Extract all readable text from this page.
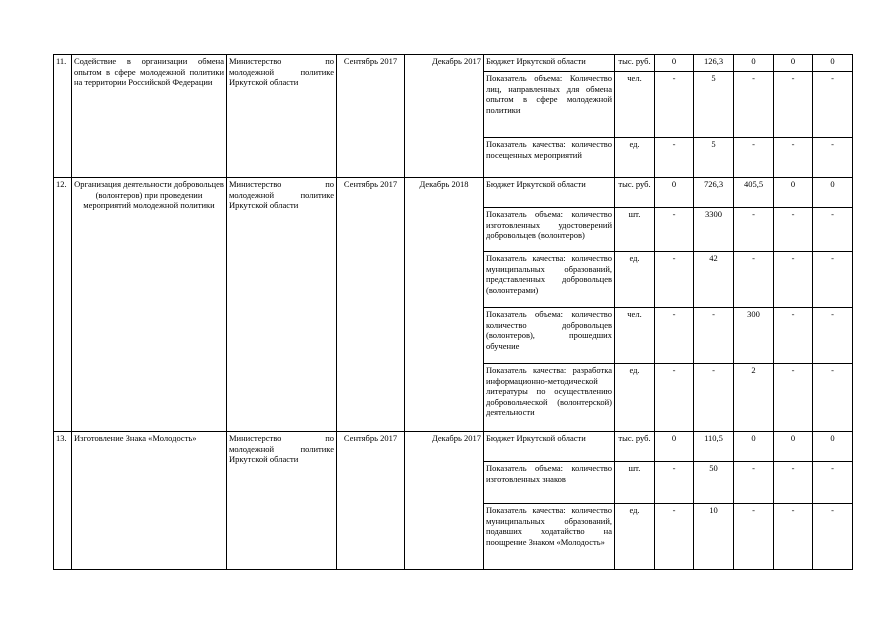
11.	Содействие в организации обмена опытом в сфере молодежной политики на территории Российской Федерации	Министерство по молодежной политике Иркутской области	Сентябрь 2017	Декабрь 2017	Бюджет Иркутской области	тыс. руб.	0	126,3	0	0	0
					Показатель объема: Количество лиц, направленных для обмена опытом в сфере молодежной политики	чел.	-	5	-	-	-
					Показатель качества: количество посещенных мероприятий	ед.	-	5	-	-	-
12.	Организация деятельности добровольцев (волонтеров) при проведении мероприятий молодежной политики	Министерство по молодежной политике Иркутской области	Сентябрь 2017	Декабрь 2018	Бюджет Иркутской области	тыс. руб.	0	726,3	405,5	0	0
					Показатель объема: количество изготовленных удостоверений добровольцев (волонтеров)	шт.	-	3300	-	-	-
					Показатель качества: количество муниципальных образований, представленных добровольцев (волонтерами)	ед.	-	42	-	-	-
					Показатель объема: количество количество добровольцев (волонтеров), прошедших обучение	чел.	-	-	300	-	-
					Показатель качества: разработка информационно-методической литературы по осуществлению добровольческой (волонтерской) деятельности	ед.	-	-	2	-	-
13.	Изготовление Знака «Молодость»	Министерство по молодежной политике Иркутской области	Сентябрь 2017	Декабрь 2017	Бюджет Иркутской области	тыс. руб.	0	110,5	0	0	0
					Показатель объема: количество изготовленных знаков	шт.	-	50	-	-	-
					Показатель качества: количество муниципальных образований, подавших ходатайство на поощрение Знаком «Молодость»	ед.	-	10	-	-	-
